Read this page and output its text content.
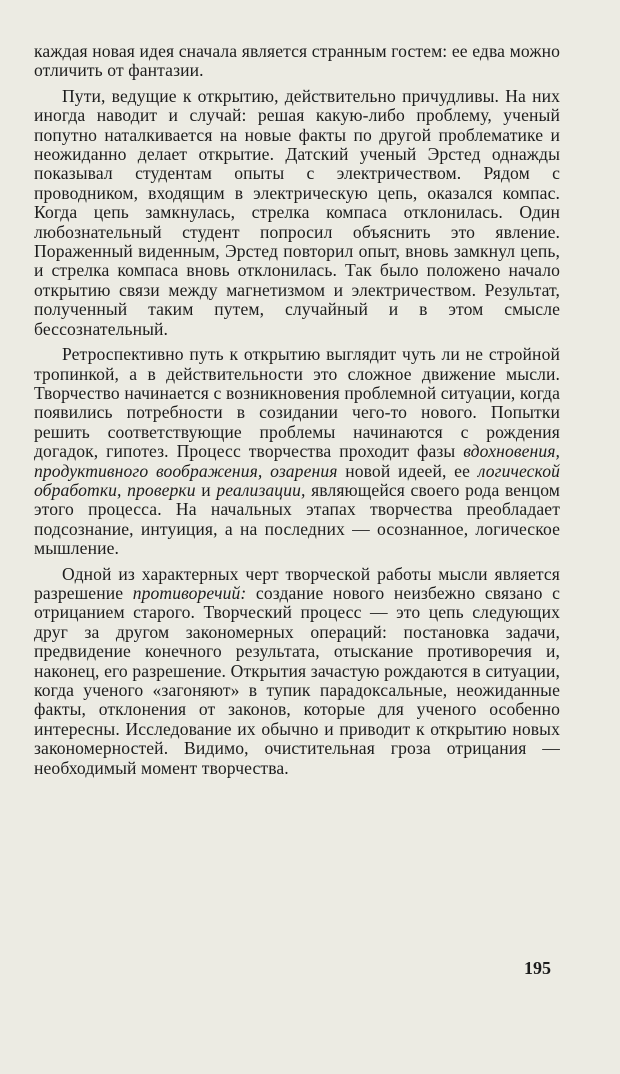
каждая новая идея сначала является странным гостем: ее едва можно отличить от фантазии.

Пути, ведущие к открытию, действительно причудливы. На них иногда наводит и случай: решая какую-либо проблему, ученый попутно наталкивается на новые факты по другой проблематике и неожиданно делает открытие. Датский ученый Эрстед однажды показывал студентам опыты с электричеством. Рядом с проводником, входящим в электрическую цепь, оказался компас. Когда цепь замкнулась, стрелка компаса отклонилась. Один любознательный студент попросил объяснить это явление. Пораженный виденным, Эрстед повторил опыт, вновь замкнул цепь, и стрелка компаса вновь отклонилась. Так было положено начало открытию связи между магнетизмом и электричеством. Результат, полученный таким путем, случайный и в этом смысле бессознательный.

Ретроспективно путь к открытию выглядит чуть ли не стройной тропинкой, а в действительности это сложное движение мысли. Творчество начинается с возникновения проблемной ситуации, когда появились потребности в созидании чего-то нового. Попытки решить соответствующие проблемы начинаются с рождения догадок, гипотез. Процесс творчества проходит фазы вдохновения, продуктивного воображения, озарения новой идеей, ее логической обработки, проверки и реализации, являющейся своего рода венцом этого процесса. На начальных этапах творчества преобладает подсознание, интуиция, а на последних — осознанное, логическое мышление.

Одной из характерных черт творческой работы мысли является разрешение противоречий: создание нового неизбежно связано с отрицанием старого. Творческий процесс — это цепь следующих друг за другом закономерных операций: постановка задачи, предвидение конечного результата, отыскание противоречия и, наконец, его разрешение. Открытия зачастую рождаются в ситуации, когда ученого «загоняют» в тупик парадоксальные, неожиданные факты, отклонения от законов, которые для ученого особенно интересны. Исследование их обычно и приводит к открытию новых закономерностей. Видимо, очистительная гроза отрицания — необходимый момент творчества.

195
